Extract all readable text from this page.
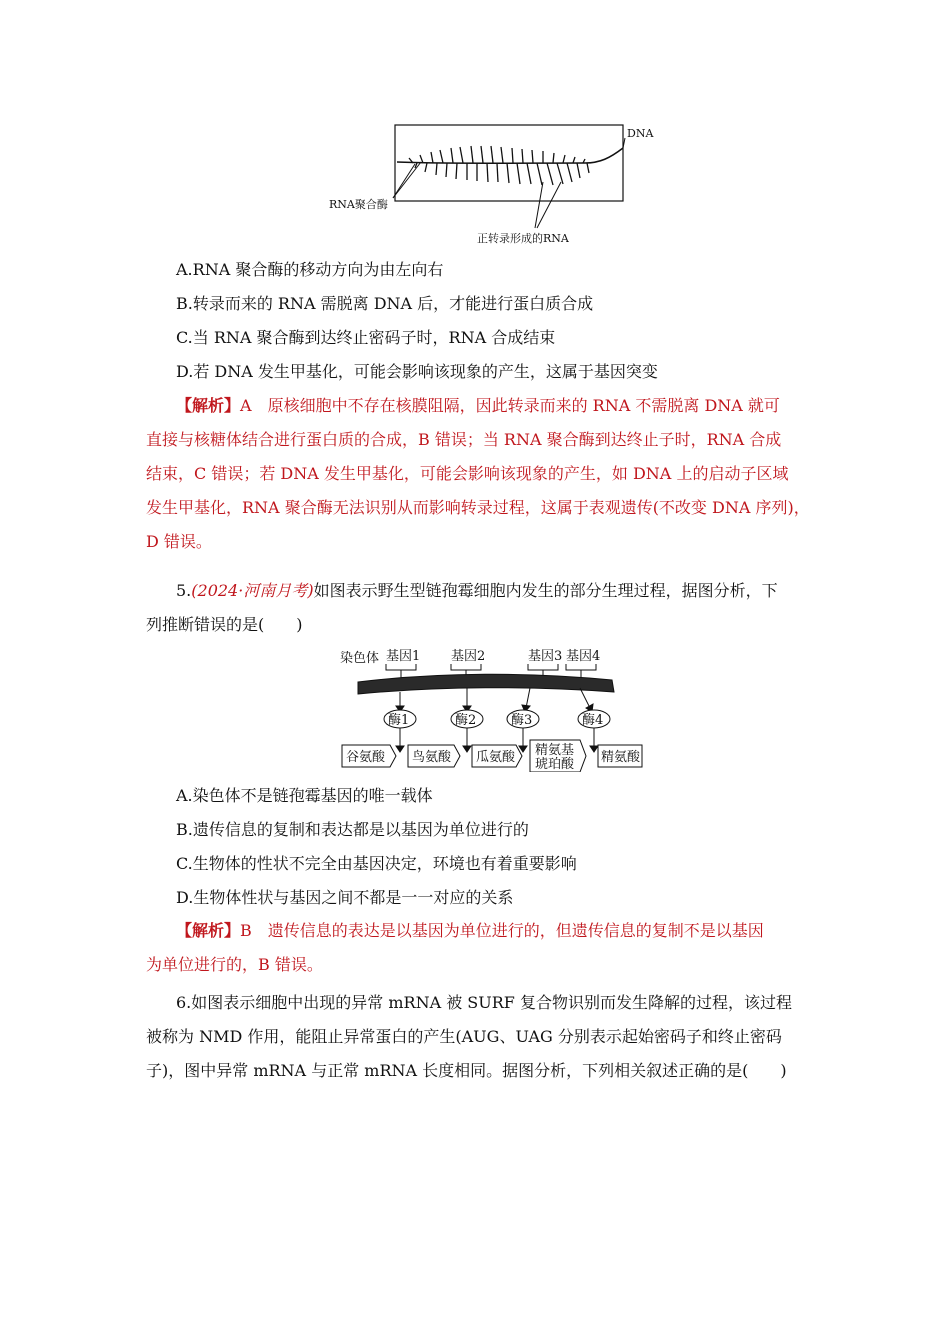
DNA
RNA聚合酶
正转录形成的RNA
A.RNA 聚合酶的移动方向为由左向右
B.转录而来的 RNA 需脱离 DNA 后，才能进行蛋白质合成
C.当 RNA 聚合酶到达终止密码子时，RNA 合成结束
D.若 DNA 发生甲基化，可能会影响该现象的产生，这属于基因突变
【解析】A　 原核细胞中不存在核膜阻隔，因此转录而来的 RNA 不需脱离 DNA 就可
直接与核糖体结合进行蛋白质的合成，B 错误；当 RNA 聚合酶到达终止子时，RNA 合成
结束，C 错误；若 DNA 发生甲基化，可能会影响该现象的产生，如 DNA 上的启动子区域
发生甲基化，RNA 聚合酶无法识别从而影响转录过程，这属于表观遗传(不改变 DNA 序列)，
D 错误。
5.(2024·河南月考)如图表示野生型链孢霉细胞内发生的部分生理过程，据图分析，下
列推断错误的是(　　)
染色体 基因1 基因2	基因3 基因4
酶1	酶2	酶3	酶4
谷氨酸 鸟氨酸 瓜氨酸 精氨基
琥珀酸 精氨酸
A.染色体不是链孢霉基因的唯一载体
B.遗传信息的复制和表达都是以基因为单位进行的
C.生物体的性状不完全由基因决定，环境也有着重要影响
D.生物体性状与基因之间不都是一一对应的关系
【解析】B　 遗传信息的表达是以基因为单位进行的，但遗传信息的复制不是以基因
为单位进行的，B 错误。
6.如图表示细胞中出现的异常 mRNA 被 SURF 复合物识别而发生降解的过程，该过程
被称为 NMD 作用，能阻止异常蛋白的产生(AUG、UAG 分别表示起始密码子和终止密码
子)，图中异常 mRNA 与正常 mRNA 长度相同。据图分析，下列相关叙述正确的是(　　)
